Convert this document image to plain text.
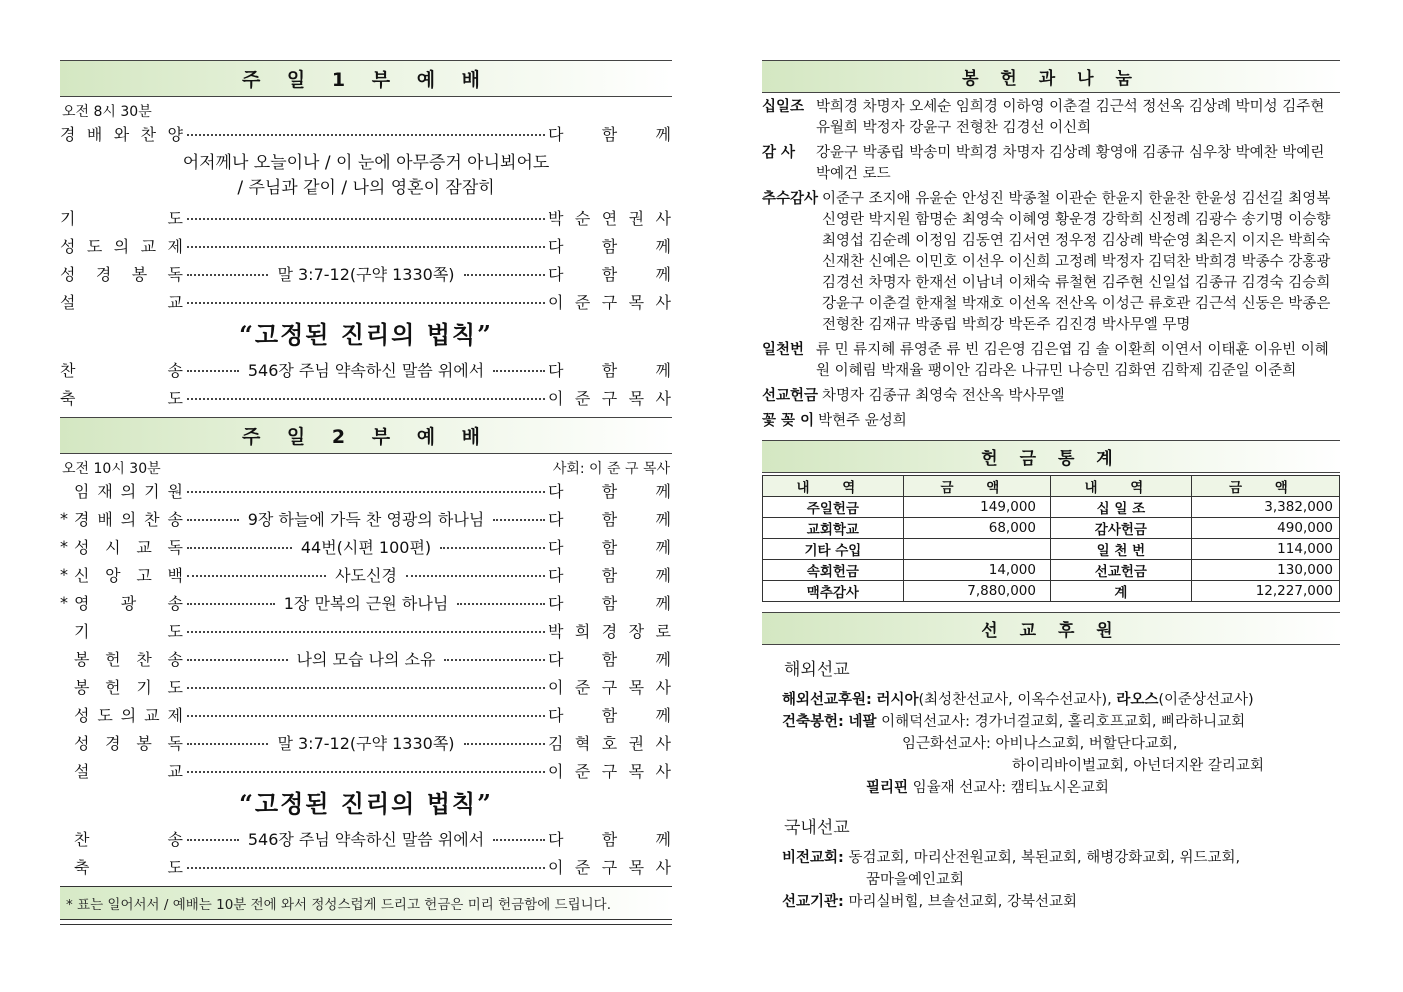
주 일 1 부 예 배
오전 8시 30분
경 배 와 찬 양	다 함 께
어저께나 오늘이나 / 이 눈에 아무증거 아니뵈어도
/ 주님과 같이 / 나의 영혼이 잠잠히
기	도	박 순 연 권 사
성 도 의 교 제	다 함 께
성 경 봉 독	말 3:7-12(구약 1330쪽)	다 함 께
설	교	이 준 구 목 사
“고정된 진리의 법칙”
찬	송	546장 주님 약속하신 말씀 위에서	다 함 께
축	도	이 준 구 목 사
주 일 2 부 예 배
오전 10시 30분	사회: 이 준 구 목사
임 재 의 기 원	다 함 께
* 경 배 의 찬 송	9장 하늘에 가득 찬 영광의 하나님	다 함 께
* 성 시 교 독	44번(시편 100편)	다 함 께
* 신 앙 고 백	사도신경	다 함 께
* 영 광 송	1장 만복의 근원 하나님	다 함 께
기	도	박 희 경 장 로
봉 헌 찬 송	나의 모습 나의 소유	다 함 께
봉 헌 기 도	이 준 구 목 사
성 도 의 교 제	다 함 께
성 경 봉 독	말 3:7-12(구약 1330쪽)	김 혁 호 권 사
설	교	이 준 구 목 사
“고정된 진리의 법칙”
찬	송	546장 주님 약속하신 말씀 위에서	다 함 께
축	도	이 준 구 목 사
* 표는 일어서서 / 예배는 10분 전에 와서 정성스럽게 드리고 헌금은 미리 헌금함에 드립니다.
봉 헌 과 나 눔
십일조 박희경 차명자 오세순 임희경 이하영 이춘걸 김근석 정선옥 김상례 박미성 김주현 유월희 박정자 강윤구 전형찬 김경선 이신희
감 사	강윤구 박종립 박송미 박희경 차명자 김상례 황영애 김종규 심우창 박예찬 박예린 박예건 로드
추수감사 이준구 조지애 유윤순 안성진 박종철 이관순 한윤지 한윤찬 한윤성 김선길 최영복 신영란 박지원 함명순 최영숙 이혜영 황운경 강학희 신정례 김광수 송기명 이승향 최영섭 김순례 이정임 김동연 김서연 정우정 김상례 박순영 최은지 이지은 박희숙 신재찬 신예은 이민호 이선우 이신희 고정례 박정자 김덕찬 박희경 박종수 강홍광 김경선 차명자 한재선 이남녀 이채숙 류철현 김주현 신일섭 김종규 김경숙 김승희 강윤구 이춘걸 한재철 박재호 이선옥 전산옥 이성근 류호관 김근석 신동은 박종은 전형찬 김재규 박종립 박희강 박돈주 김진경 박사무엘 무명
일천번 류 민 류지혜 류영준 류 빈 김은영 김은엽 김 솔 이환희 이연서 이태훈 이유빈 이혜원 이혜림 박재율 팽이안 김라온 나규민 나승민 김화연 김학제 김준일 이준희
선교헌금 차명자 김종규 최영숙 전산옥 박사무엘
꽃 꽂 이 박현주 윤성희
헌 금 통 계
내 역	금 액	내 역	금 액
주일헌금	149,000	십 일 조	3,382,000
교회학교	68,000	감사헌금	490,000
기타 수입		일 천 번	114,000
속회헌금	14,000	선교헌금	130,000
맥추감사	7,880,000	계	12,227,000
선 교 후 원
해외선교
해외선교후원:
러시아 (최성찬선교사, 이옥수선교사),
라오스 (이준상선교사)
건축봉헌:
네팔
이해덕선교사: 경가너걸교회, 홀리호프교회, 삐라하니교회
임근화선교사: 아비나스교회, 버할단다교회,
하이리바이벌교회, 아넌더지완 갈리교회
필리핀
임율재 선교사: 캠티뇨시온교회
국내선교
비전교회:
동검교회, 마리산전원교회, 복된교회, 해병강화교회, 위드교회,
꿈마을예인교회
선교기관:
마리실버힐, 브솔선교회, 강북선교회
